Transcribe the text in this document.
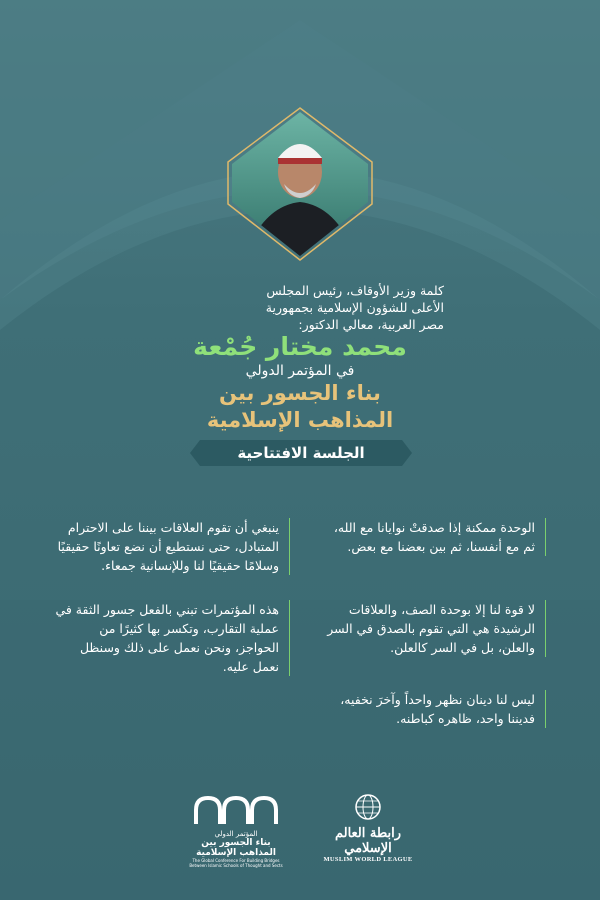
كلمة وزير الأوقاف، رئيس المجلس
الأعلى للشؤون الإسلامية بجمهورية
مصر العربية، معالي الدكتور:
محمد مختار جُمْعة
في المؤتمر الدولي
بناء الجسور بين
المذاهب الإسلامية
الجلسة الافتتاحية
الوحدة ممكنة إذا صدقتْ نوايانا مع الله، ثم مع أنفسنا، ثم بين بعضنا مع بعض.
لا قوة لنا إلا بوحدة الصف، والعلاقات الرشيدة هي التي تقوم بالصدق في السر والعلن، بل في السر كالعلن.
ليس لنا دينان نظهر واحداً وآخرَ نخفيه، فديننا واحد، ظاهره كباطنه.
ينبغي أن تقوم العلاقات بيننا على الاحترام المتبادل، حتى نستطيع أن نضع تعاونًا حقيقيًا وسلامًا حقيقيًا لنا وللإنسانية جمعاء.
هذه المؤتمرات تبني بالفعل جسور الثقة في عملية التقارب، وتكسر بها كثيرًا من الحواجز، ونحن نعمل على ذلك وسنظل نعمل عليه.
المؤتمر الدولي
بناء الجسور بين
المذاهب الإسلامية
The Global Conference For Building Bridges
Between Islamic Schools of Thought and Sects
رابطة العالم الإسلامي
MUSLIM WORLD LEAGUE
